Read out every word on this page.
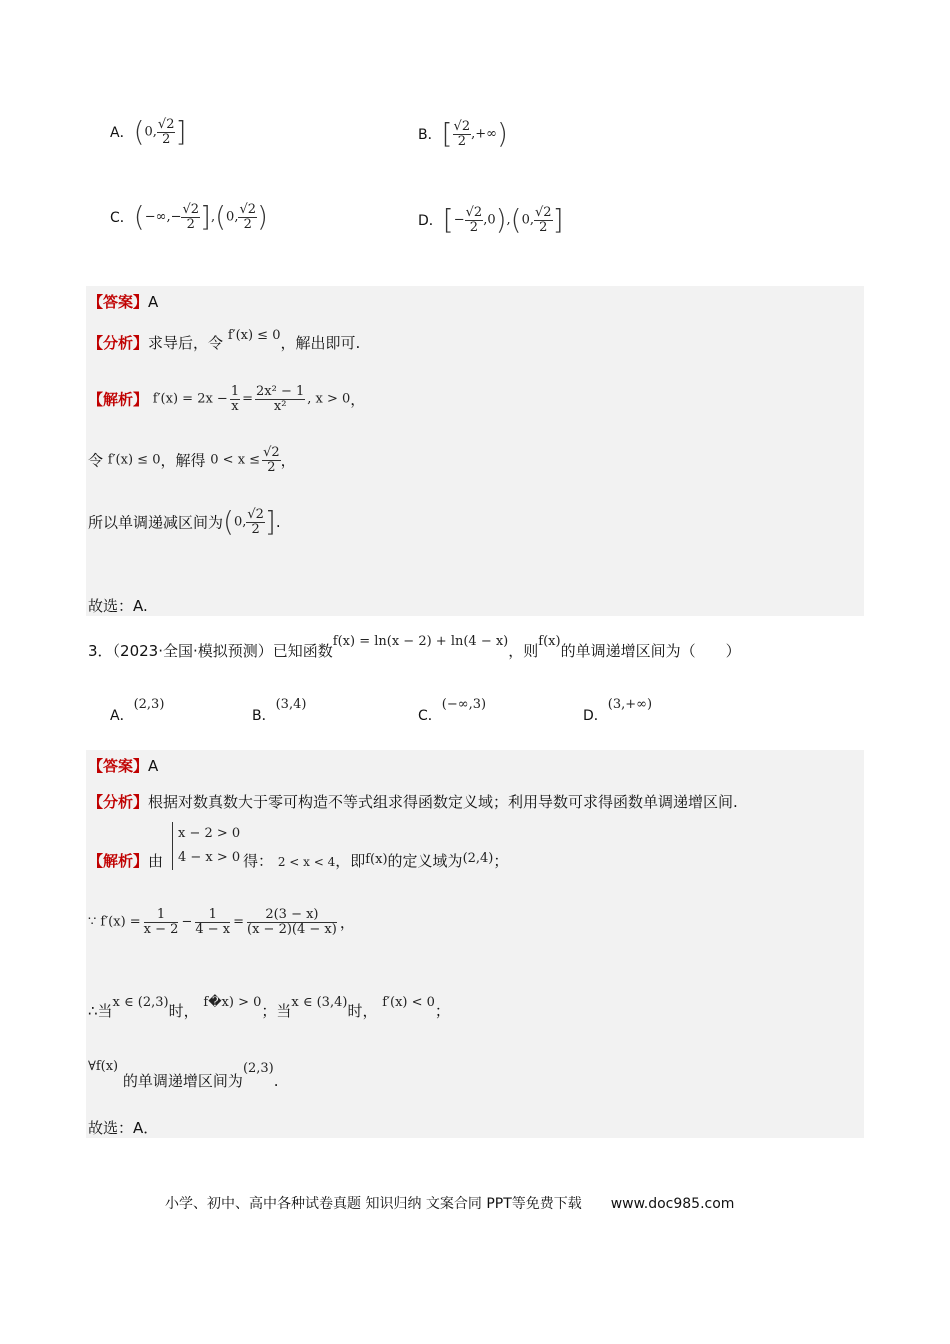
A．(0, $\frac{√2}{2}$ ]	B．[ $\frac{√2}{2}$ ,+∞)
C．(−∞,− $\frac{√2}{2} ],(0$, $\frac{√2}{2}$ )	D．[− $\frac{√2}{2} ,0),(0$, $\frac{√2}{2}$ ]
【答案】A
【分析】求导后，令 f′(x) ≤ 0，解出即可.
【解析】 $f'(x) = 2x - \frac{1}{x} = \frac{\text{2x² − 1}}{\text{x²}}$ , x > 0，
令 f′(x) ≤ 0，解得 $0 < x \le \frac{√2}{2}$ ，
所以单调递减区间为(0, $\frac{√2}{2}$ ].
故选：A.
3．（2023·全国·模拟预测）已知函数f(x) = ln(x − 2) + ln(4 − x)，则f(x)的单调递增区间为（　　）
A．(2,3)
B．(3,4)
C．(−∞,3)
D．(3,+∞)
【答案】A
【分析】根据对数真数大于零可构造不等式组求得函数定义域；利用导数可求得函数单调递增区间.
x − 2 > 0
4 − x > 0
【解析】由	得： 2 < x < 4，即f(x)的定义域为(2,4)；
∵ $f'(x) = \frac{1}{x - 2} - \frac{1}{4 - x} = \frac{2(3 - x)}{(x - 2)(4 - x)}$ ，
∴当x ∈ (2,3)时， f�x) > 0；当x ∈ (3,4)时， f′(x) < 0；
∀f(x) 的单调递增区间为(2,3).
故选：A．
小学、初中、高中各种试卷真题 知识归纳 文案合同 PPT等免费下载 www.doc985.com
